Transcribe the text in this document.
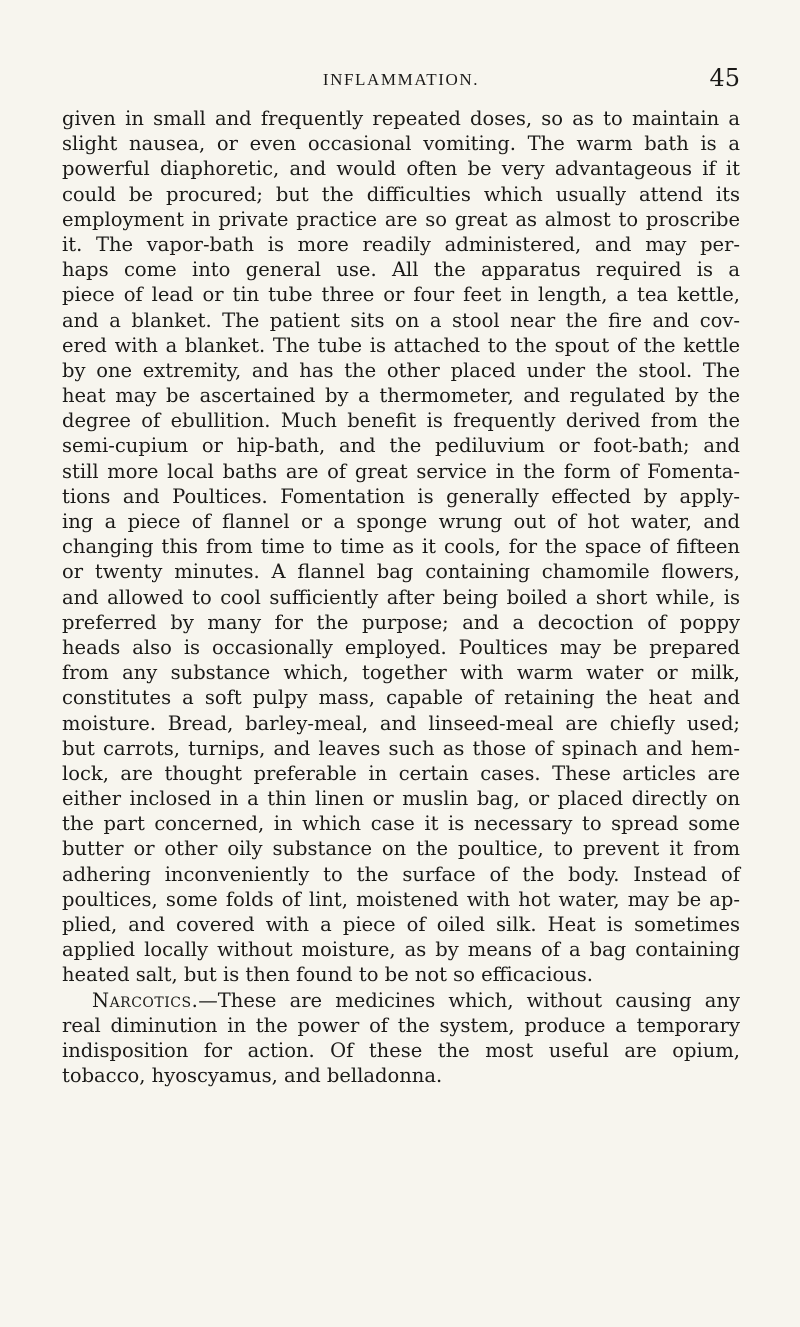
INFLAMMATION.	45
given in small and frequently repeated doses, so as to maintain a
slight nausea, or even occasional vomiting. The warm bath is a
powerful diaphoretic, and would often be very advantageous if it
could be procured; but the difficulties which usually attend its
employment in private practice are so great as almost to proscribe
it. The vapor-bath is more readily administered, and may per-
haps come into general use. All the apparatus required is a
piece of lead or tin tube three or four feet in length, a tea kettle,
and a blanket. The patient sits on a stool near the fire and cov-
ered with a blanket. The tube is attached to the spout of the kettle
by one extremity, and has the other placed under the stool. The
heat may be ascertained by a thermometer, and regulated by the
degree of ebullition. Much benefit is frequently derived from the
semi-cupium or hip-bath, and the pediluvium or foot-bath; and
still more local baths are of great service in the form of Fomenta-
tions and Poultices. Fomentation is generally effected by apply-
ing a piece of flannel or a sponge wrung out of hot water, and
changing this from time to time as it cools, for the space of fifteen
or twenty minutes. A flannel bag containing chamomile flowers,
and allowed to cool sufficiently after being boiled a short while, is
preferred by many for the purpose; and a decoction of poppy
heads also is occasionally employed. Poultices may be prepared
from any substance which, together with warm water or milk,
constitutes a soft pulpy mass, capable of retaining the heat and
moisture. Bread, barley-meal, and linseed-meal are chiefly used;
but carrots, turnips, and leaves such as those of spinach and hem-
lock, are thought preferable in certain cases. These articles are
either inclosed in a thin linen or muslin bag, or placed directly on
the part concerned, in which case it is necessary to spread some
butter or other oily substance on the poultice, to prevent it from
adhering inconveniently to the surface of the body. Instead of
poultices, some folds of lint, moistened with hot water, may be ap-
plied, and covered with a piece of oiled silk. Heat is sometimes
applied locally without moisture, as by means of a bag containing
heated salt, but is then found to be not so efficacious.
Narcotics.—These are medicines which, without causing any
real diminution in the power of the system, produce a temporary
indisposition for action. Of these the most useful are opium,
tobacco, hyoscyamus, and belladonna.
